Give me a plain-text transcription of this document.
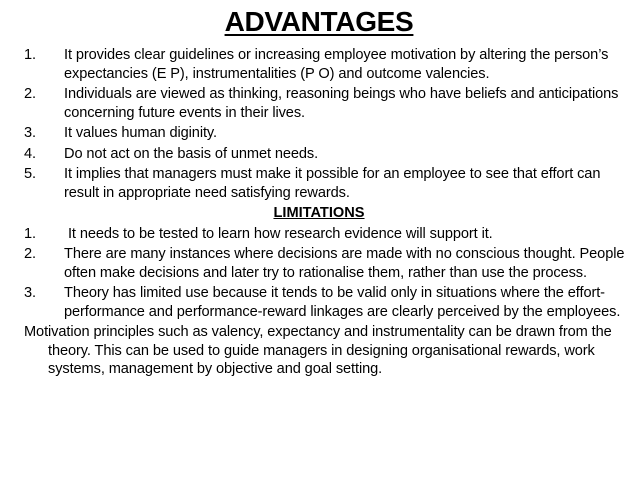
ADVANTAGES
1. It provides clear guidelines or increasing employee motivation by altering the person’s expectancies (E P), instrumentalities (P O) and outcome valencies.
2. Individuals are viewed as thinking, reasoning beings who have beliefs and anticipations concerning future events in their lives.
3. It values human diginity.
4. Do not act on the basis of unmet needs.
5. It implies that managers must make it possible for an employee to see that effort can result in appropriate need satisfying rewards.
LIMITATIONS
1. It needs to be tested to learn how research evidence will support it.
2. There are many instances where decisions are made with no conscious thought. People often make decisions and later try to rationalise them, rather than use the process.
3. Theory has limited use because it tends to be valid only in situations where the effort-performance and performance-reward linkages are clearly perceived by the employees.
Motivation principles such as valency, expectancy and instrumentality can be drawn from the theory. This can be used to guide managers in designing organisational rewards, work systems, management by objective and goal setting.
